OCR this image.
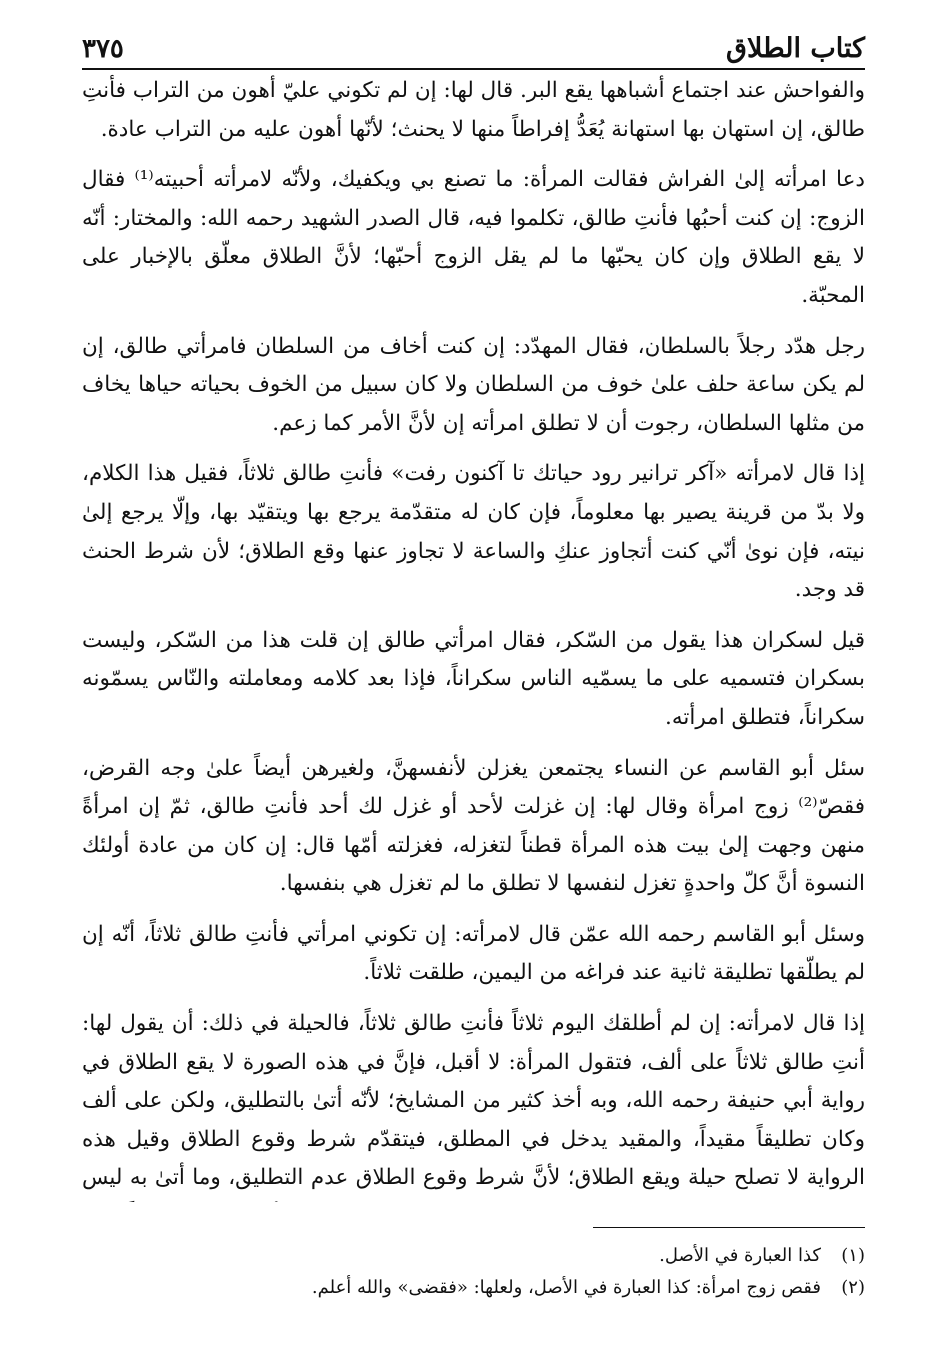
كتاب الطلاق
٣٧٥

والفواحش عند اجتماع أشباهها يقع البر. قال لها: إن لم تكوني عليّ أهون من التراب فأنتِ طالق، إن استهان بها استهانة يُعَدُّ إفراطاً منها لا يحنث؛ لأنّها أهون عليه من التراب عادة.

دعا امرأته إلىٰ الفراش فقالت المرأة: ما تصنع بي ويكفيك، ولأنّه لامرأته أحبيته⁽¹⁾ فقال الزوج: إن كنت أحبُها فأنتِ طالق، تكلموا فيه، قال الصدر الشهيد رحمه الله: والمختار: أنّه لا يقع الطلاق وإن كان يحبّها ما لم يقل الزوج أحبّها؛ لأنَّ الطلاق معلّق بالإخبار على المحبّة.

رجل هدّد رجلاً بالسلطان، فقال المهدّد: إن كنت أخاف من السلطان فامرأتي طالق، إن لم يكن ساعة حلف علىٰ خوف من السلطان ولا كان سبيل من الخوف بحياته حياها يخاف من مثلها السلطان، رجوت أن لا تطلق امرأته إن لأنَّ الأمر كما زعم.

إذا قال لامرأته «آكر ترانير رود حياتك تا آكنون رفت» فأنتِ طالق ثلاثاً، فقيل هذا الكلام، ولا بدّ من قرينة يصير بها معلوماً، فإن كان له متقدّمة يرجع بها ويتقيّد بها، وإلّا يرجع إلىٰ نيته، فإن نوىٰ أنّي كنت أتجاوز عنكِ والساعة لا تجاوز عنها وقع الطلاق؛ لأن شرط الحنث قد وجد.

قيل لسكران هذا يقول من السّكر، فقال امرأتي طالق إن قلت هذا من السّكر، وليست بسكران فتسميه على ما يسمّيه الناس سكراناً، فإذا بعد كلامه ومعاملته والنّاس يسمّونه سكراناً، فتطلق امرأته.

سئل أبو القاسم عن النساء يجتمعن يغزلن لأنفسهنَّ، ولغيرهن أيضاً علىٰ وجه القرض، فقصّ⁽²⁾ زوج امرأة وقال لها: إن غزلت لأحد أو غزل لك أحد فأنتِ طالق، ثمّ إن امرأةً منهن وجهت إلىٰ بيت هذه المرأة قطناً لتغزله، فغزلته أمّها قال: إن كان من عادة أولئك النسوة أنَّ كلّ واحدةٍ تغزل لنفسها لا تطلق ما لم تغزل هي بنفسها.

وسئل أبو القاسم رحمه الله عمّن قال لامرأته: إن تكوني امرأتي فأنتِ طالق ثلاثاً، أنّه إن لم يطلّقها تطليقة ثانية عند فراغه من اليمين، طلقت ثلاثاً.

إذا قال لامرأته: إن لم أطلقك اليوم ثلاثاً فأنتِ طالق ثلاثاً، فالحيلة في ذلك: أن يقول لها: أنتِ طالق ثلاثاً على ألف، فتقول المرأة: لا أقبل، فإنَّ في هذه الصورة لا يقع الطلاق في رواية أبي حنيفة رحمه الله، وبه أخذ كثير من المشايخ؛ لأنّه أتىٰ بالتطليق، ولكن على ألف وكان تطليقاً مقيداً، والمقيد يدخل في المطلق، فيتقدّم شرط وقوع الطلاق وقيل هذه الرواية لا تصلح حيلة ويقع الطلاق؛ لأنَّ شرط وقوع الطلاق عدم التطليق، وما أتىٰ به ليس

(١)
كذا العبارة في الأصل.
(٢)
فقص زوج امرأة: كذا العبارة في الأصل، ولعلها: «فقضى» والله أعلم.
